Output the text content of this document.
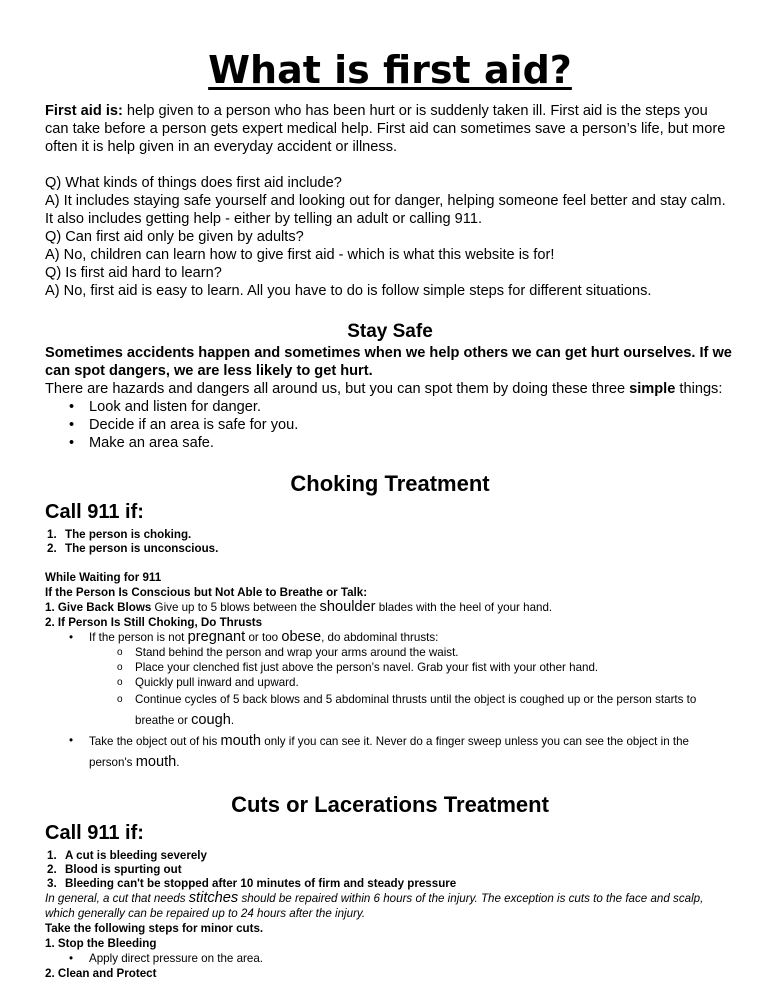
What is first aid?

First aid is: help given to a person who has been hurt or is suddenly taken ill. First aid is the steps you can take before a person gets expert medical help. First aid can sometimes save a person’s life, but more often it is help given in an everyday accident or illness.

Q) What kinds of things does first aid include?

A) It includes staying safe yourself and looking out for danger, helping someone feel better and stay calm. It also includes getting help - either by telling an adult or calling 911.

Q) Can first aid only be given by adults?

A) No, children can learn how to give first aid - which is what this website is for!

Q) Is first aid hard to learn?

A) No, first aid is easy to learn. All you have to do is follow simple steps for different situations.

Stay Safe

Sometimes accidents happen and sometimes when we help others we can get hurt ourselves. If we can spot dangers, we are less likely to get hurt.

There are hazards and dangers all around us, but you can spot them by doing these three simple things:

• Look and listen for danger.
• Decide if an area is safe for you.
• Make an area safe.
Choking Treatment
Call 911 if:
1. The person is choking.
2. The person is unconscious.

While Waiting for 911

If the Person Is Conscious but Not Able to Breathe or Talk:

1. Give Back Blows Give up to 5 blows between the shoulder blades with the heel of your hand.

2. If Person Is Still Choking, Do Thrusts

• If the person is not pregnant or too obese, do abdominal thrusts:
o Stand behind the person and wrap your arms around the waist.
o Place your clenched fist just above the person’s navel. Grab your fist with your other hand.
o Quickly pull inward and upward.
o Continue cycles of 5 back blows and 5 abdominal thrusts until the object is coughed up or the person starts to breathe or cough.
• Take the object out of his mouth only if you can see it. Never do a finger sweep unless you can see the object in the person's mouth.
Cuts or Lacerations Treatment
Call 911 if:
1. A cut is bleeding severely
2. Blood is spurting out
3. Bleeding can't be stopped after 10 minutes of firm and steady pressure

In general, a cut that needs stitches should be repaired within 6 hours of the injury. The exception is cuts to the face and scalp, which generally can be repaired up to 24 hours after the injury.

Take the following steps for minor cuts.

1. Stop the Bleeding

• Apply direct pressure on the area.

2. Clean and Protect
